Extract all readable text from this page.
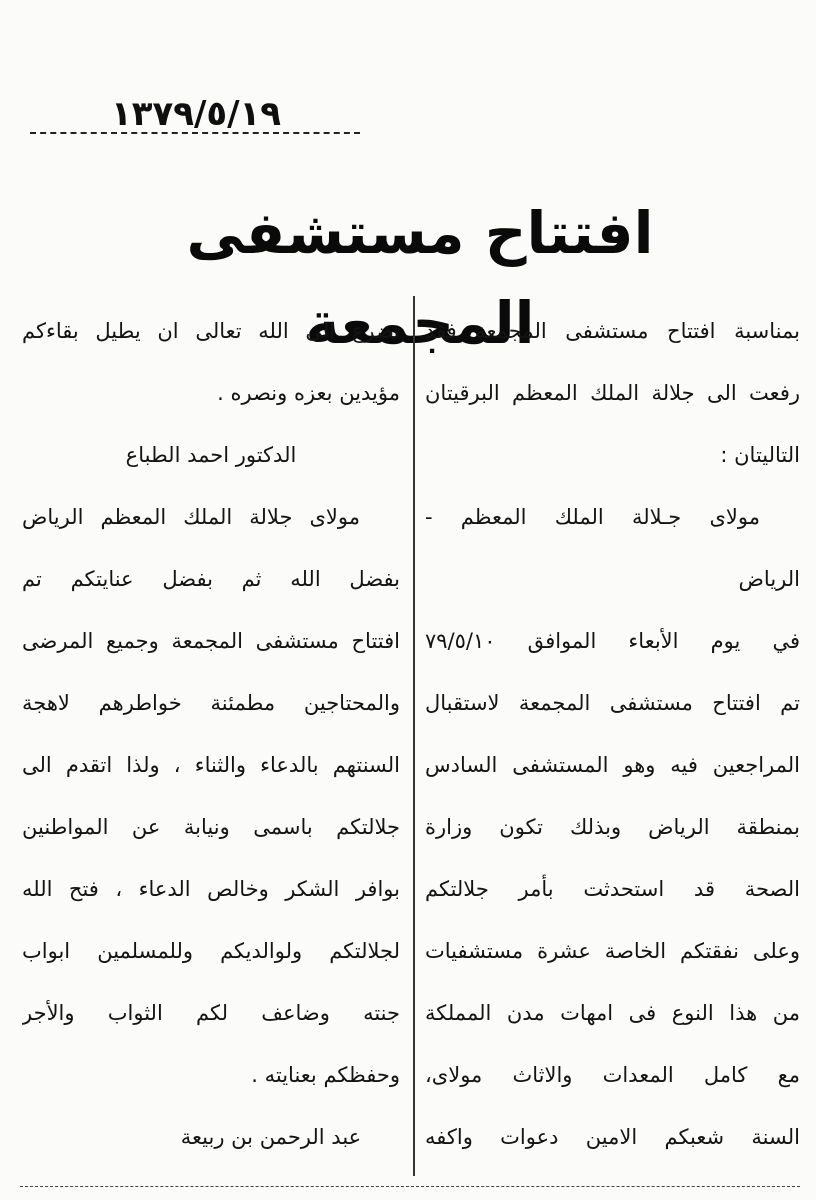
١٣٧٩/٥/١٩
افتتاح مستشفى المجمعة
بمناسبة افتتاح مستشفى المجمعة فقد
رفعت الى جلالة الملك المعظم البرقيتان
التاليتان :
مولاى جـلالة الملك المعظم -
الرياض
في يوم الأبعاء الموافق ٧٩/٥/١٠
تم افتتاح مستشفى المجمعة لاستقبال
المراجعين فيه وهو المستشفى السادس
بمنطقة الرياض وبذلك تكون وزارة
الصحة قد استحدثت بأمر جلالتكم
وعلى نفقتكم الخاصة عشرة مستشفيات
من هذا النوع فى امهات مدن المملكة
مع كامل المعدات والاثاث مولاى،
السنة شعبكم الامين دعوات واكفه
تضرع الى الله تعالى ان يطيل بقاءكم
مؤيدين بعزه ونصره .
الدكتور احمد الطباع
مولاى جلالة الملك المعظم الرياض
بفضل الله ثم بفضل عنايتكم تم
افتتاح مستشفى المجمعة وجميع المرضى
والمحتاجين مطمئنة خواطرهم لاهجة
السنتهم بالدعاء والثناء ، ولذا اتقدم الى
جلالتكم باسمى ونيابة عن المواطنين
بوافر الشكر وخالص الدعاء ، فتح الله
لجلالتكم ولوالديكم وللمسلمين ابواب
جنته وضاعف لكم الثواب والأجر
وحفظكم بعنايته .
عبد الرحمن بن ربيعة
